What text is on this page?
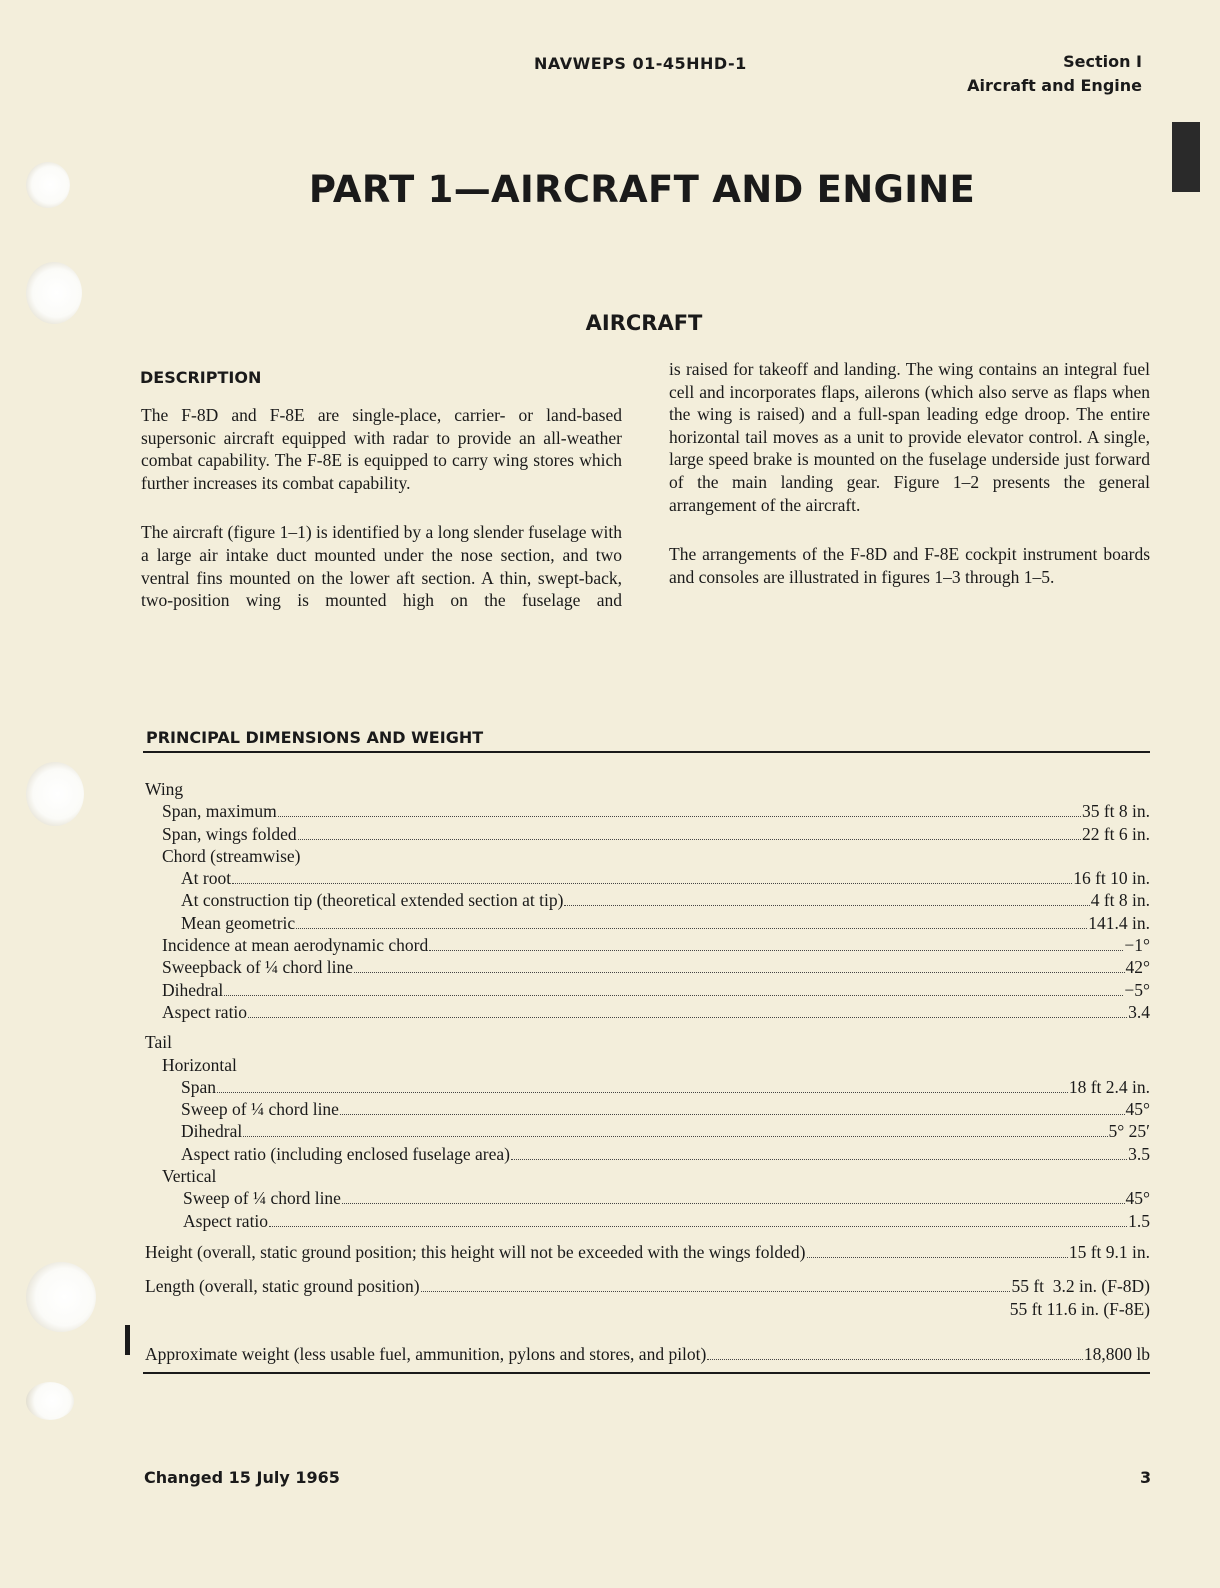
NAVWEPS 01-45HHD-1	Section I
Aircraft and Engine
PART 1—AIRCRAFT AND ENGINE
AIRCRAFT
DESCRIPTION

The F-8D and F-8E are single-place, carrier- or land-based supersonic aircraft equipped with radar to provide an all-weather combat capability. The F-8E is equipped to carry wing stores which further increases its combat capability.

The aircraft (figure 1–1) is identified by a long slender fuselage with a large air intake duct mounted under the nose section, and two ventral fins mounted on the lower aft section. A thin, swept-back, two-position wing is mounted high on the fuselage and

is raised for takeoff and landing. The wing contains an integral fuel cell and incorporates flaps, ailerons (which also serve as flaps when the wing is raised) and a full-span leading edge droop. The entire horizontal tail moves as a unit to provide elevator control. A single, large speed brake is mounted on the fuselage underside just forward of the main landing gear. Figure 1–2 presents the general arrangement of the aircraft.

The arrangements of the F-8D and F-8E cockpit instrument boards and consoles are illustrated in figures 1–3 through 1–5.

PRINCIPAL DIMENSIONS AND WEIGHT
Wing
Span, maximum	35 ft 8 in.
Span, wings folded	22 ft 6 in.
Chord (streamwise)
At root	16 ft 10 in.
At construction tip (theoretical extended section at tip)	4 ft 8 in.
Mean geometric	141.4 in.
Incidence at mean aerodynamic chord	−1°
Sweepback of ¼ chord line	42°
Dihedral	−5°
Aspect ratio	3.4
Tail
Horizontal
Span	18 ft 2.4 in.
Sweep of ¼ chord line	45°
Dihedral	5° 25′
Aspect ratio (including enclosed fuselage area)	3.5
Vertical
Sweep of ¼ chord line	45°
Aspect ratio	1.5
Height (overall, static ground position; this height will not be exceeded with the wings folded)	15 ft 9.1 in.
Length (overall, static ground position)	55 ft  3.2 in. (F-8D)
55 ft 11.6 in. (F-8E)
Approximate weight (less usable fuel, ammunition, pylons and stores, and pilot)	18,800 lb
Changed 15 July 1965	3
